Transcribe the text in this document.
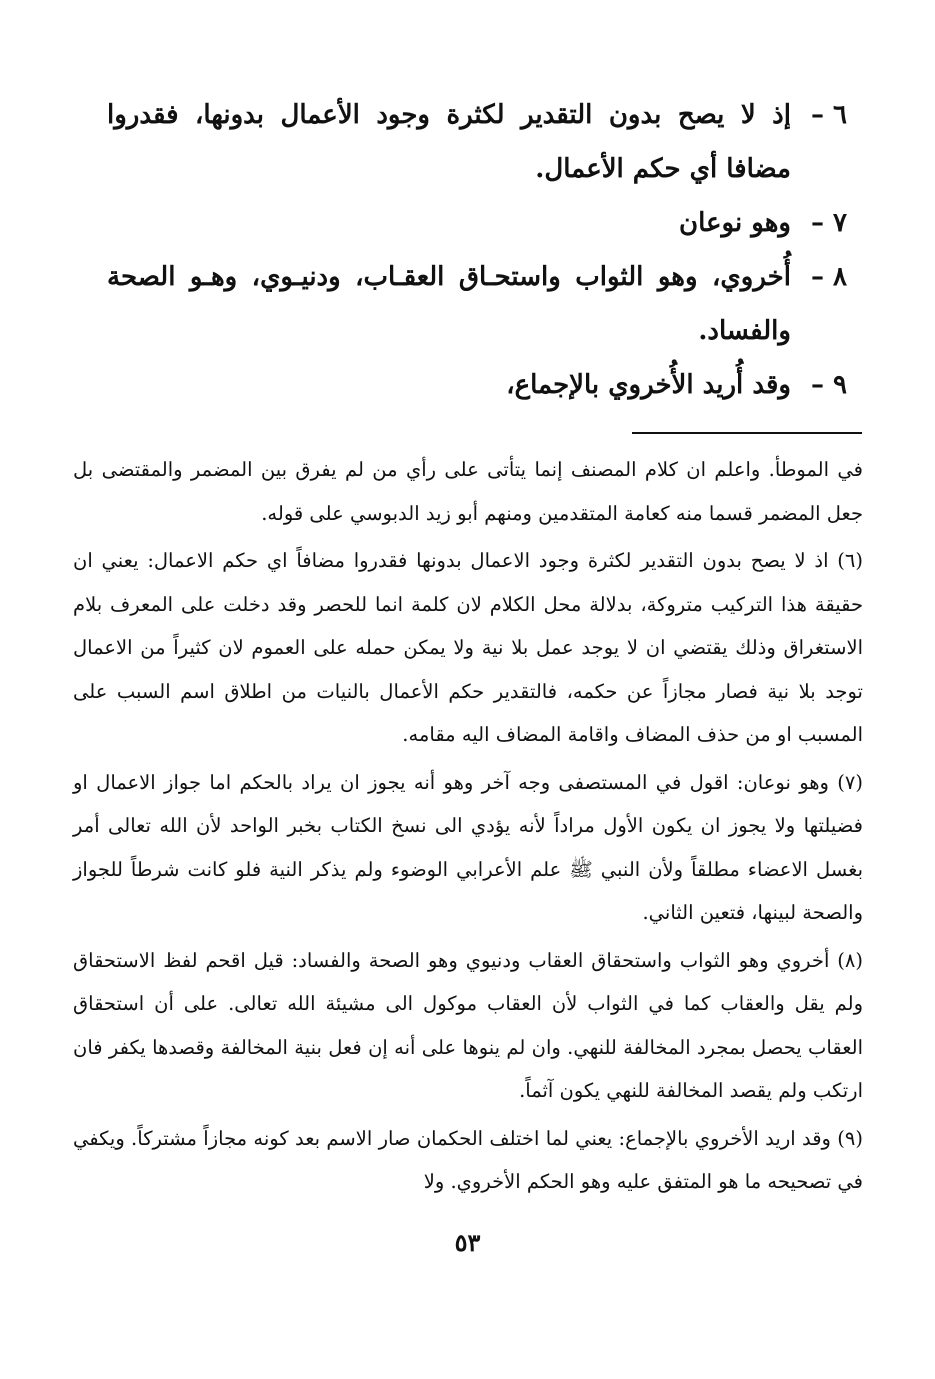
٦ –
إذ لا يصح بدون التقدير لكثرة وجود الأعمال بدونها، فقدروا مضافا أي حكم الأعمال.
٧ –
وهو نوعان
٨ –
أُخروي، وهو الثواب واستحـاق العقـاب، ودنيـوي، وهـو الصحة والفساد.
٩ –
وقد أُريد الأُخروي بالإجماع،

في الموطأ. واعلم ان كلام المصنف إنما يتأتى على رأي من لم يفرق بين المضمر والمقتضى بل جعل المضمر قسما منه كعامة المتقدمين ومنهم أبو زيد الدبوسي على قوله.

(٦) اذ لا يصح بدون التقدير لكثرة وجود الاعمال بدونها فقدروا مضافاً اي حكم الاعمال: يعني ان حقيقة هذا التركيب متروكة، بدلالة محل الكلام لان كلمة انما للحصر وقد دخلت على المعرف بلام الاستغراق وذلك يقتضي ان لا يوجد عمل بلا نية ولا يمكن حمله على العموم لان كثيراً من الاعمال توجد بلا نية فصار مجازاً عن حكمه، فالتقدير حكم الأعمال بالنيات من اطلاق اسم السبب على المسبب او من حذف المضاف واقامة المضاف اليه مقامه.

(٧) وهو نوعان: اقول في المستصفى وجه آخر وهو أنه يجوز ان يراد بالحكم اما جواز الاعمال او فضيلتها ولا يجوز ان يكون الأول مراداً لأنه يؤدي الى نسخ الكتاب بخبر الواحد لأن الله تعالى أمر بغسل الاعضاء مطلقاً ولأن النبي ﷺ علم الأعرابي الوضوء ولم يذكر النية فلو كانت شرطاً للجواز والصحة لبينها، فتعين الثاني.

(٨) أخروي وهو الثواب واستحقاق العقاب ودنيوي وهو الصحة والفساد: قيل اقحم لفظ الاستحقاق ولم يقل والعقاب كما في الثواب لأن العقاب موكول الى مشيئة الله تعالى. على أن استحقاق العقاب يحصل بمجرد المخالفة للنهي. وان لم ينوها على أنه إن فعل بنية المخالفة وقصدها يكفر فان ارتكب ولم يقصد المخالفة للنهي يكون آثماً.

(٩) وقد اريد الأخروي بالإجماع: يعني لما اختلف الحكمان صار الاسم بعد كونه مجازاً مشتركاً. ويكفي في تصحيحه ما هو المتفق عليه وهو الحكم الأخروي. ولا

٥٣
